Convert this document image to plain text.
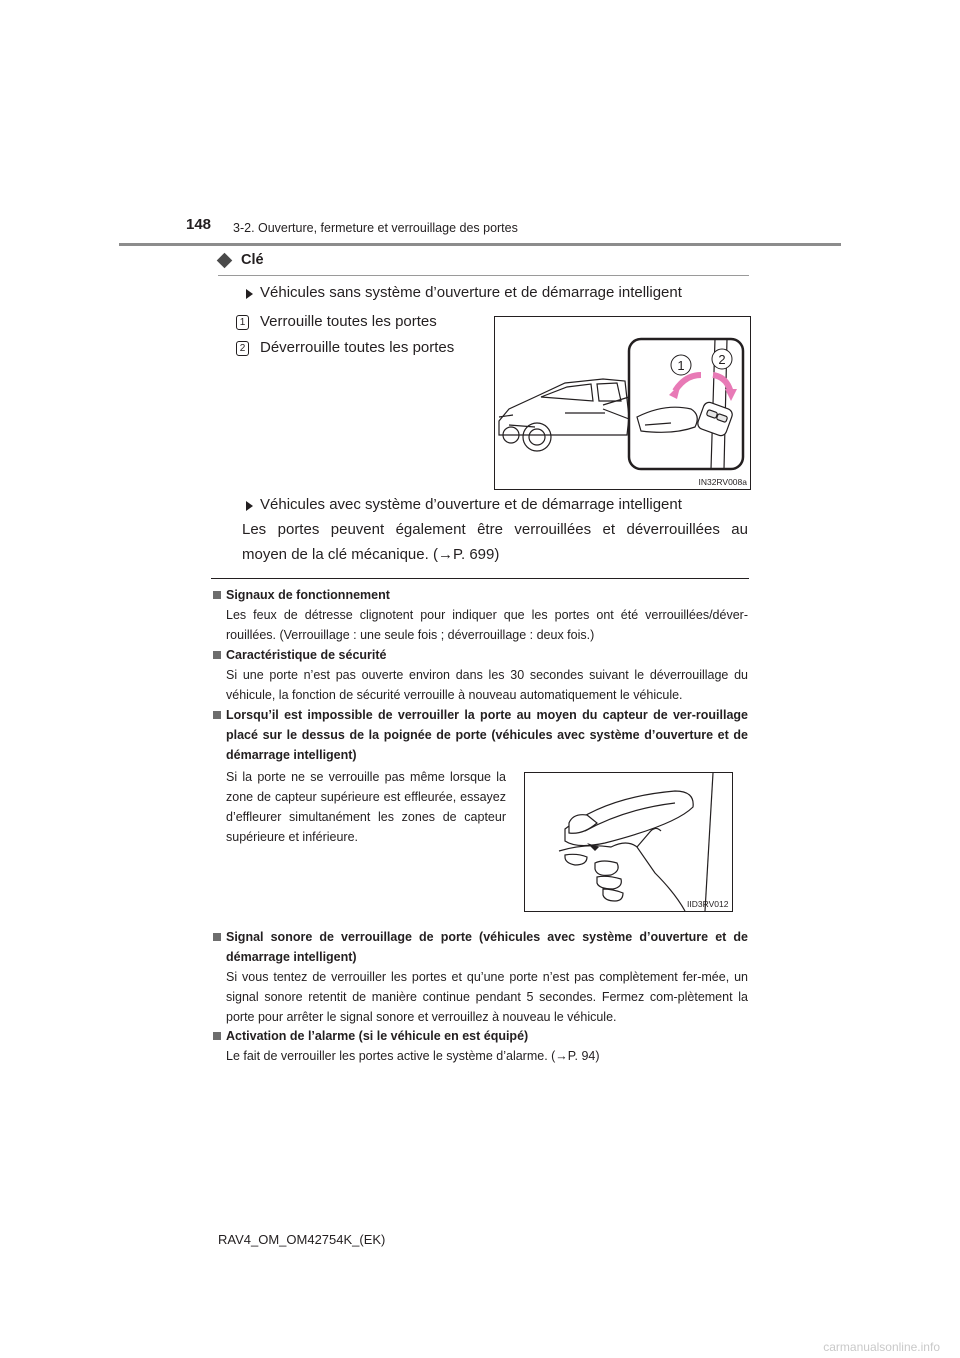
148 3-2. Ouverture, fermeture et verrouillage des portes
Clé
Véhicules sans système d’ouverture et de démarrage intelligent
1 Verrouille toutes les portes
2 Déverrouille toutes les portes
1	2
IN32RV008a
Véhicules avec système d’ouverture et de démarrage intelligent
Les portes peuvent également être verrouillées et déverrouillées au
moyen de la clé mécanique. (→P. 699)
Signaux de fonctionnement
Les feux de détresse clignotent pour indiquer que les portes ont été verrouillées/déver-rouillées. (Verrouillage : une seule fois ; déverrouillage : deux fois.)
Caractéristique de sécurité
Si une porte n’est pas ouverte environ dans les 30 secondes suivant le déverrouillage du véhicule, la fonction de sécurité verrouille à nouveau automatiquement le véhicule.
Lorsqu’il est impossible de verrouiller la porte au moyen du capteur de ver-rouillage placé sur le dessus de la poignée de porte (véhicules avec système d’ouverture et de démarrage intelligent)
Si la porte ne se verrouille pas même lorsque la zone de capteur supérieure est effleurée, essayez d’effleurer simultanément les zones de capteur supérieure et inférieure.
IID3RV012
Signal sonore de verrouillage de porte (véhicules avec système d’ouverture et de démarrage intelligent)
Si vous tentez de verrouiller les portes et qu’une porte n’est pas complètement fer-mée, un signal sonore retentit de manière continue pendant 5 secondes. Fermez com-plètement la porte pour arrêter le signal sonore et verrouillez à nouveau le véhicule.
Activation de l’alarme (si le véhicule en est équipé)
Le fait de verrouiller les portes active le système d’alarme. (→P. 94)
RAV4_OM_OM42754K_(EK)
carmanualsonline.info
